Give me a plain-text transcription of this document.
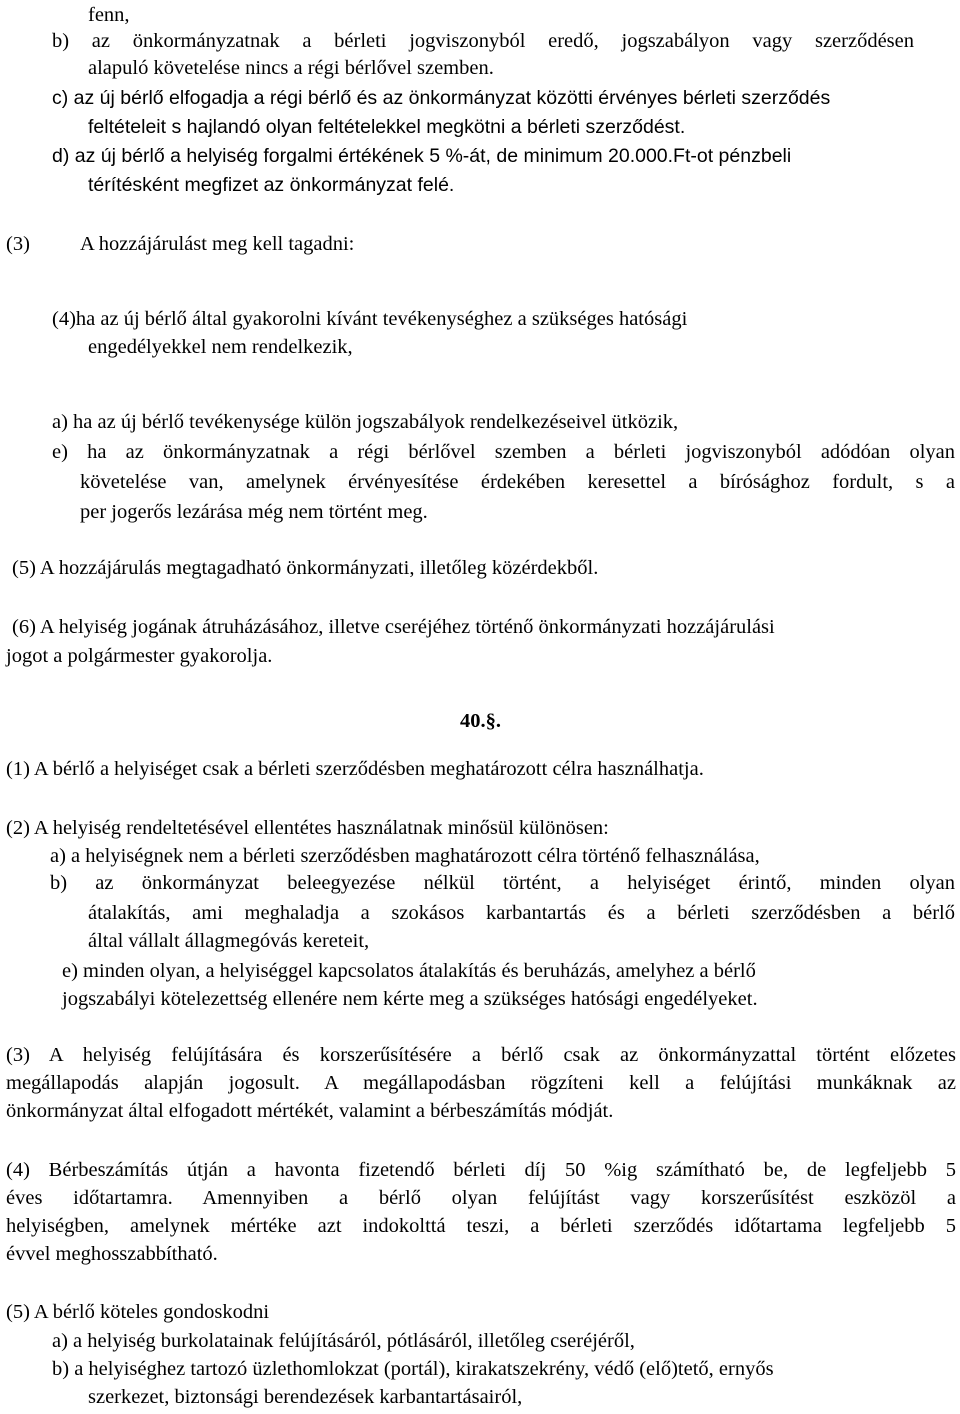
fenn,
b) az önkormányzatnak a bérleti jogviszonyból eredő, jogszabályon vagy szerződésen
alapuló követelése nincs a régi bérlővel szemben.
c) az új bérlő elfogadja a régi bérlő és az önkormányzat közötti érvényes bérleti szerződés
feltételeit s hajlandó olyan feltételekkel megkötni a bérleti szerződést.
d) az új bérlő a helyiség forgalmi értékének 5 %-át, de minimum 20.000.Ft-ot pénzbeli
térítésként megfizet az önkormányzat felé.
(3) A hozzájárulást meg kell tagadni:
(4)ha az új bérlő által gyakorolni kívánt tevékenységhez a szükséges hatósági
engedélyekkel nem rendelkezik,
a) ha az új bérlő tevékenysége külön jogszabályok rendelkezéseivel ütközik,
e) ha az önkormányzatnak a régi bérlővel szemben a bérleti jogviszonyból adódóan olyan
követelése van, amelynek érvényesítése érdekében keresettel a bírósághoz fordult, s a
per jogerős lezárása még nem történt meg.
(5) A hozzájárulás megtagadható önkormányzati, illetőleg közérdekből.
(6) A helyiség jogának átruházásához, illetve cseréjéhez történő önkormányzati hozzájárulási
jogot a polgármester gyakorolja.
40.§.
(1) A bérlő a helyiséget csak a bérleti szerződésben meghatározott célra használhatja.
(2) A helyiség rendeltetésével ellentétes használatnak minősül különösen:
a) a helyiségnek nem a bérleti szerződésben maghatározott célra történő felhasználása,
b) az önkormányzat beleegyezése nélkül történt, a helyiséget érintő, minden olyan
átalakítás, ami meghaladja a szokásos karbantartás és a bérleti szerződésben a bérlő
által vállalt állagmegóvás kereteit,
e) minden olyan, a helyiséggel kapcsolatos átalakítás és beruházás, amelyhez a bérlő
jogszabályi kötelezettség ellenére nem kérte meg a szükséges hatósági engedélyeket.
(3) A helyiség felújítására és korszerűsítésére a bérlő csak az önkormányzattal történt előzetes
megállapodás alapján jogosult. A megállapodásban rögzíteni kell a felújítási munkáknak az
önkormányzat által elfogadott mértékét, valamint a bérbeszámítás módját.
(4) Bérbeszámítás útján a havonta fizetendő bérleti díj 50 %ig számítható be, de legfeljebb 5
éves időtartamra. Amennyiben a bérlő olyan felújítást vagy korszerűsítést eszközöl a
helyiségben, amelynek mértéke azt indokolttá teszi, a bérleti szerződés időtartama legfeljebb 5
évvel meghosszabbítható.
(5) A bérlő köteles gondoskodni
a) a helyiség burkolatainak felújításáról, pótlásáról, illetőleg cseréjéről,
b) a helyiséghez tartozó üzlethomlokzat (portál), kirakatszekrény, védő (elő)tető, ernyős
szerkezet, biztonsági berendezések karbantartásairól,
